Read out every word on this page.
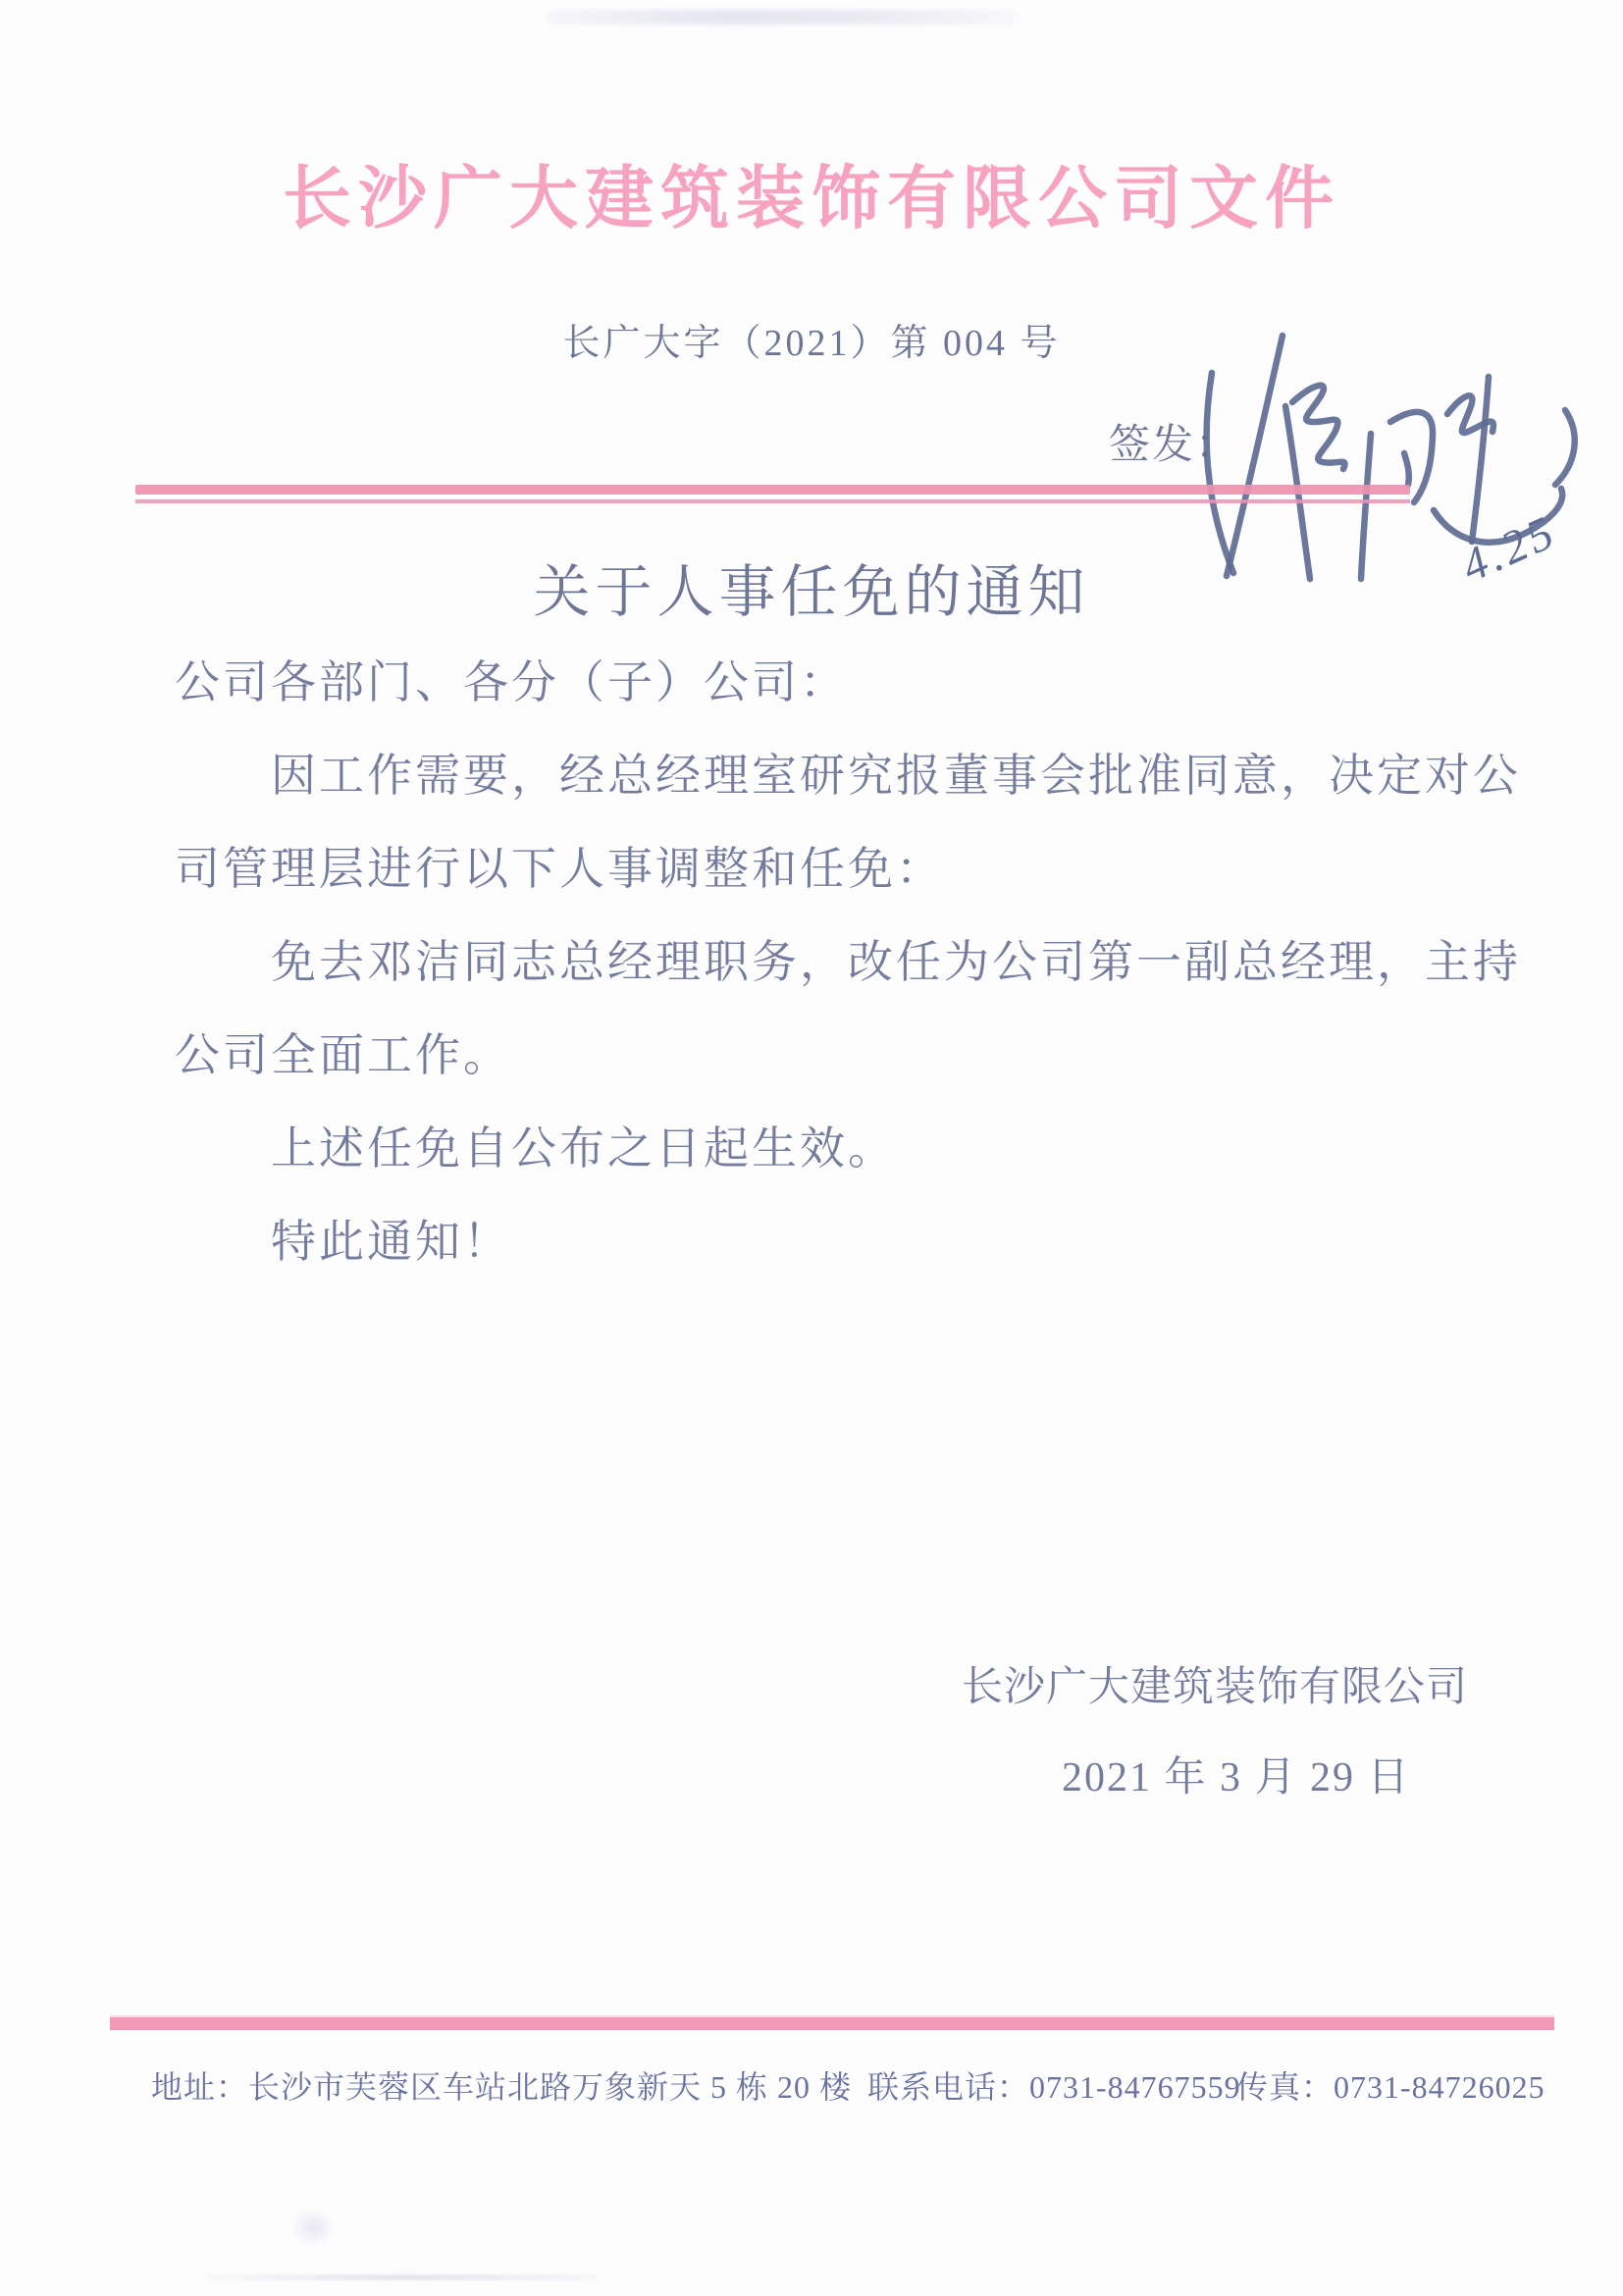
长沙广大建筑装饰有限公司文件
长广大字（2021）第 004 号
签发：
4.25
关于人事任免的通知
公司各部门、各分（子）公司：
因工作需要，经总经理室研究报董事会批准同意，决定对公
司管理层进行以下人事调整和任免：
免去邓洁同志总经理职务，改任为公司第一副总经理，主持
公司全面工作。
上述任免自公布之日起生效。
特此通知！
长沙广大建筑装饰有限公司
2021 年 3 月 29 日
地址：长沙市芙蓉区车站北路万象新天 5 栋 20 楼 联系电话：0731-84767559
传真：0731-84726025
